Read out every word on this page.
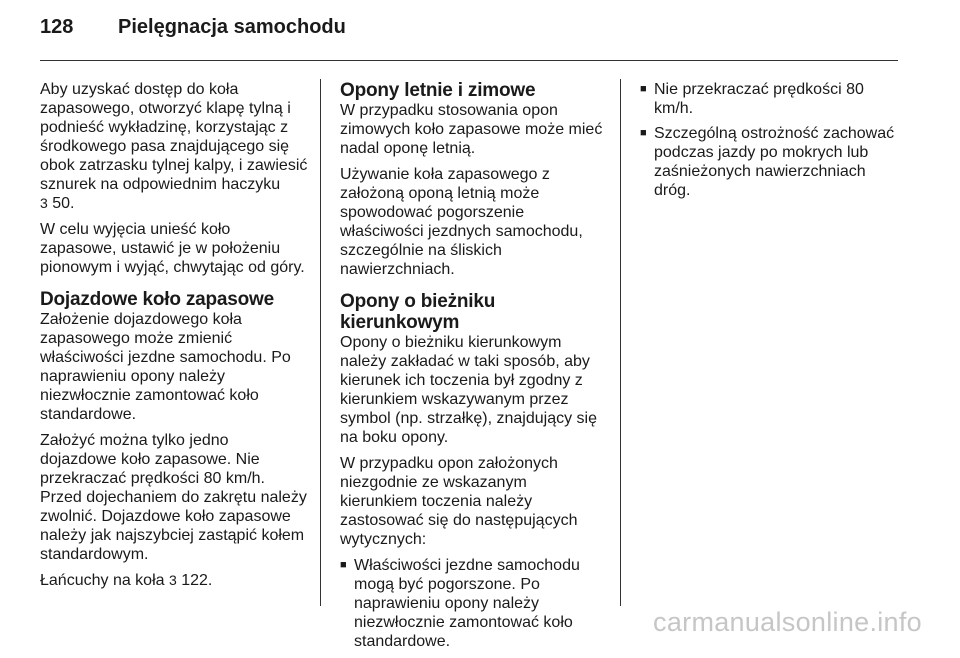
128	Pielęgnacja samochodu

Aby uzyskać dostęp do koła zapasowego, otworzyć klapę tylną i podnieść wykładzinę, korzystając z środkowego pasa znajdującego się obok zatrzasku tylnej kalpy, i zawiesić sznurek na odpowiednim haczyku
3 50.

W celu wyjęcia unieść koło zapasowe, ustawić je w położeniu pionowym i wyjąć, chwytając od góry.

Dojazdowe koło zapasowe

Założenie dojazdowego koła zapasowego może zmienić właściwości jezdne samochodu. Po naprawieniu opony należy niezwłocznie zamontować koło standardowe.

Założyć można tylko jedno dojazdowe koło zapasowe. Nie przekraczać prędkości 80 km/h. Przed dojechaniem do zakrętu należy zwolnić. Dojazdowe koło zapasowe należy jak najszybciej zastąpić kołem standardowym.

Łańcuchy na koła 3 122.

Opony letnie i zimowe

W przypadku stosowania opon zimowych koło zapasowe może mieć nadal oponę letnią.

Używanie koła zapasowego z założoną oponą letnią może spowodować pogorszenie właściwości jezdnych samochodu, szczególnie na śliskich nawierzchniach.

Opony o bieżniku kierunkowym

Opony o bieżniku kierunkowym należy zakładać w taki sposób, aby kierunek ich toczenia był zgodny z kierunkiem wskazywanym przez symbol (np. strzałkę), znajdujący się na boku opony.

W przypadku opon założonych niezgodnie ze wskazanym kierunkiem toczenia należy zastosować się do następujących wytycznych:

■ Właściwości jezdne samochodu mogą być pogorszone. Po naprawieniu opony należy niezwłocznie zamontować koło standardowe.
■ Nie przekraczać prędkości 80 km/h.
■ Szczególną ostrożność zachować podczas jazdy po mokrych lub zaśnieżonych nawierzchniach dróg.
carmanualsonline.info
